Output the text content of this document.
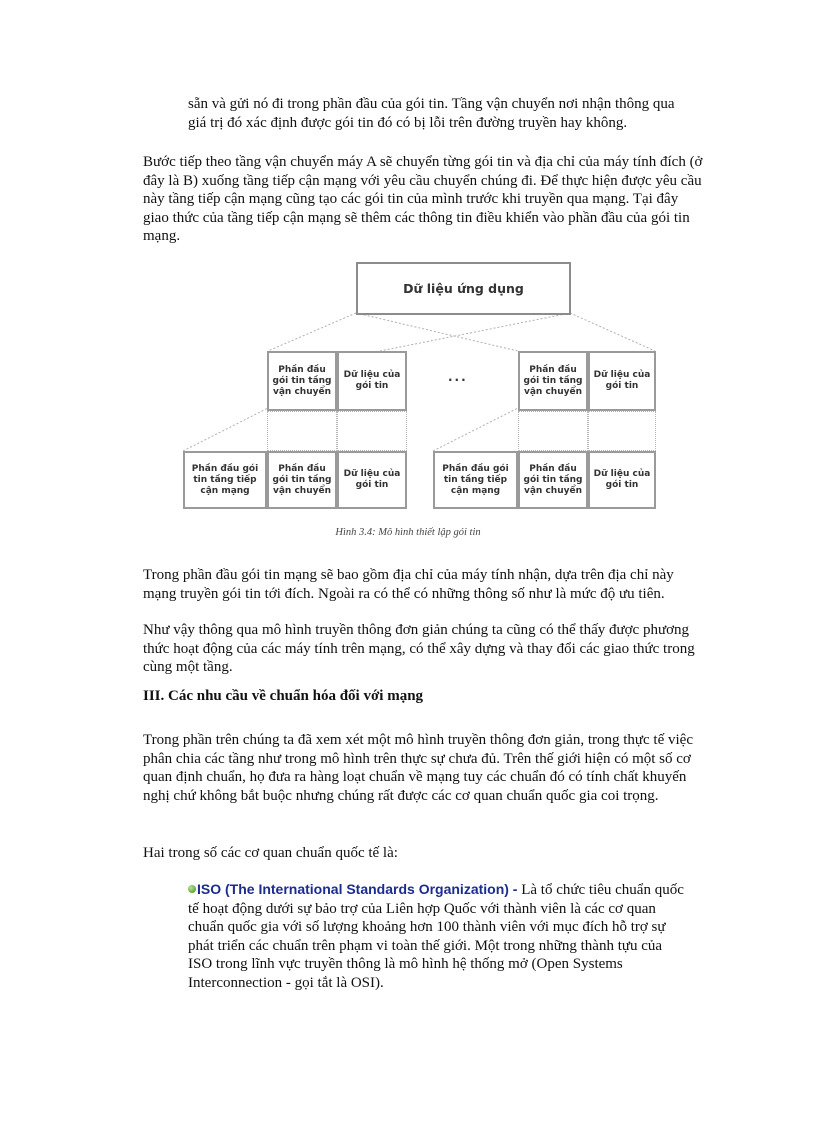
sẵn và gửi nó đi trong phần đầu của gói tin. Tầng vận chuyển nơi nhận thông qua giá trị đó xác định được gói tin đó có bị lỗi trên đường truyền hay không.

Bước tiếp theo tầng vận chuyển máy A sẽ chuyển từng gói tin và địa chỉ của máy tính đích (ở đây là B) xuống tầng tiếp cận mạng với yêu cầu chuyển chúng đi. Để thực hiện được yêu cầu này tầng tiếp cận mạng cũng tạo các gói tin của mình trước khi truyền qua mạng. Tại đây giao thức của tầng tiếp cận mạng sẽ thêm các thông tin điều khiển vào phần đầu của gói tin mạng.

Dữ liệu ứng dụng
Phần đầu gói tin tầng vận chuyển
Dữ liệu của gói tin
...
Phần đầu gói tin tầng vận chuyển
Dữ liệu của gói tin
Phần đầu gói tin tầng tiếp cận mạng
Phần đầu gói tin tầng vận chuyển
Dữ liệu của gói tin
Phần đầu gói tin tầng tiếp cận mạng
Phần đầu gói tin tầng vận chuyển
Dữ liệu của gói tin
Hình 3.4: Mô hình thiết lập gói tin

Trong phần đầu gói tin mạng sẽ bao gồm địa chỉ của máy tính nhận, dựa trên địa chỉ này mạng truyền gói tin tới đích. Ngoài ra có thể có những thông số như là mức độ ưu tiên.

Như vậy thông qua mô hình truyền thông đơn giản chúng ta cũng có thể thấy được phương thức hoạt động của các máy tính trên mạng, có thể xây dựng và thay đổi các giao thức trong cùng một tầng.

III. Các nhu cầu về chuẩn hóa đối với mạng

Trong phần trên chúng ta đã xem xét một mô hình truyền thông đơn giản, trong thực tế việc phân chia các tầng như trong mô hình trên thực sự chưa đủ. Trên thế giới hiện có một số cơ quan định chuẩn, họ đưa ra hàng loạt chuẩn về mạng tuy các chuẩn đó có tính chất khuyến nghị chứ không bắt buộc nhưng chúng rất được các cơ quan chuẩn quốc gia coi trọng.

Hai trong số các cơ quan chuẩn quốc tế là:

ISO (The International Standards Organization) - Là tổ chức tiêu chuẩn quốc tế hoạt động dưới sự bảo trợ của Liên hợp Quốc với thành viên là các cơ quan chuẩn quốc gia với số lượng khoảng hơn 100 thành viên với mục đích hỗ trợ sự phát triển các chuẩn trên phạm vi toàn thế giới. Một trong những thành tựu của ISO trong lĩnh vực truyền thông là mô hình hệ thống mở (Open Systems Interconnection - gọi tắt là OSI).
